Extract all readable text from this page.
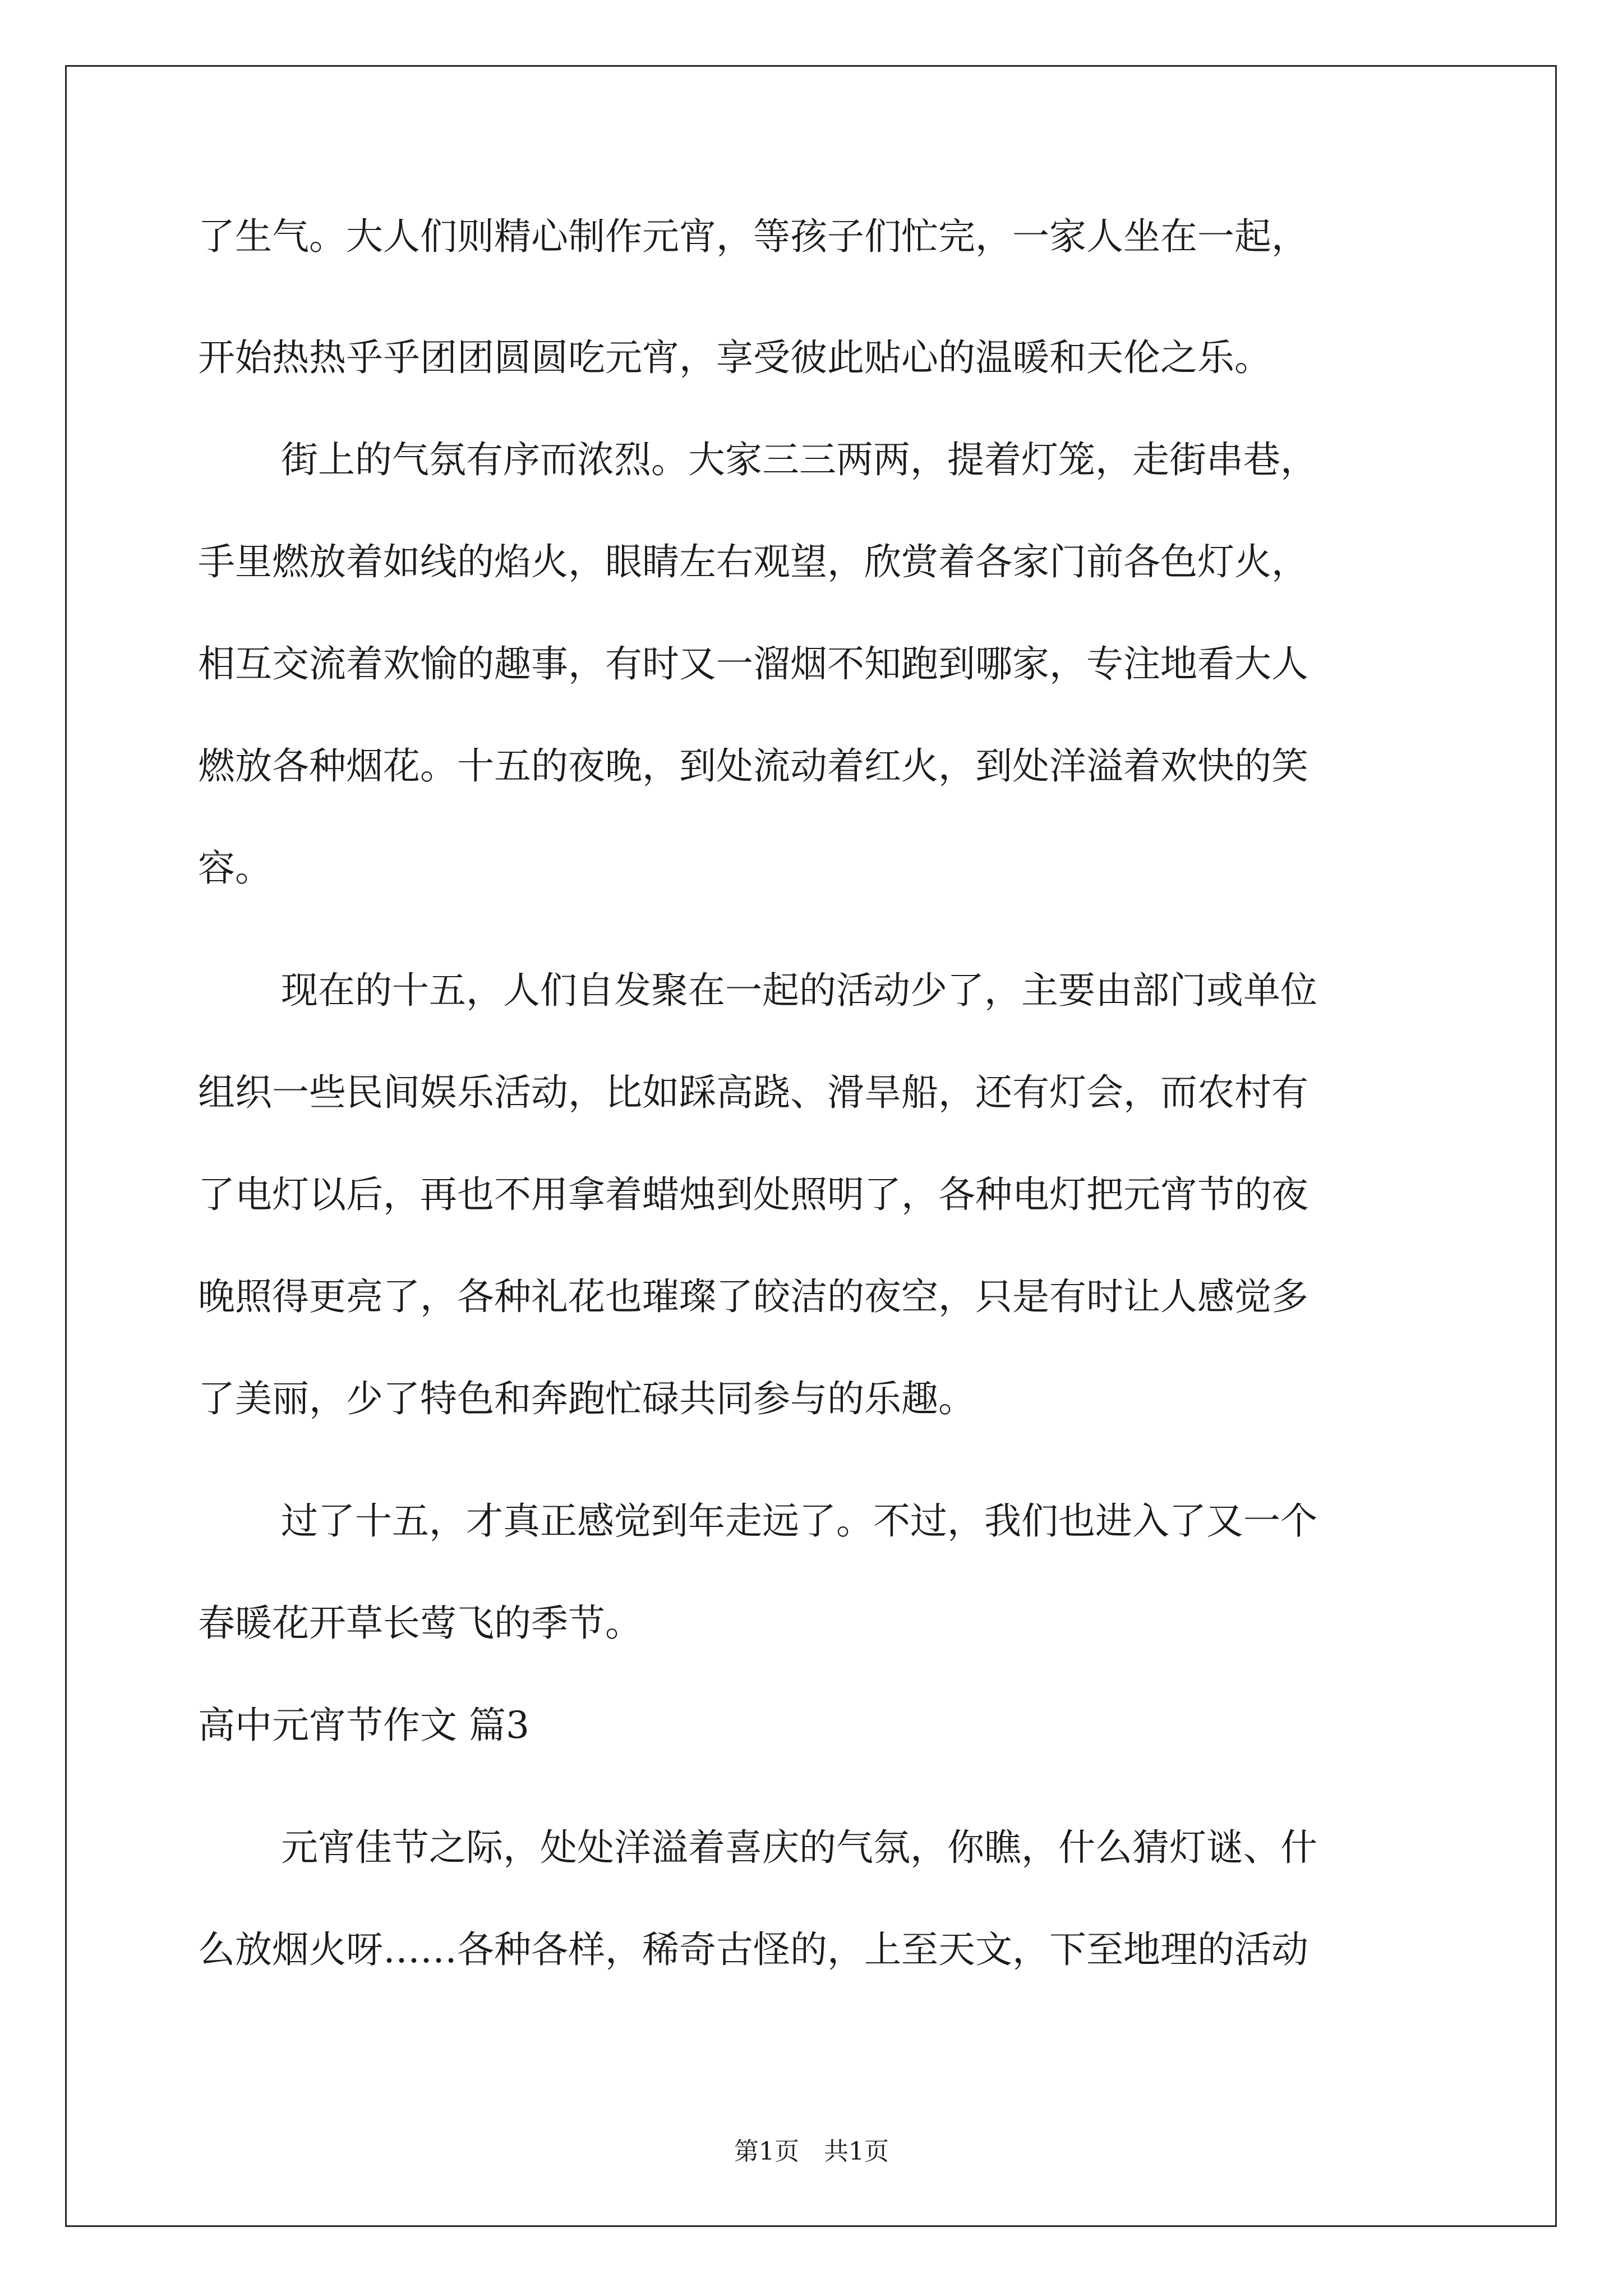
了生气。大人们则精心制作元宵，等孩子们忙完，一家人坐在一起，
开始热热乎乎团团圆圆吃元宵，享受彼此贴心的温暖和天伦之乐。
街上的气氛有序而浓烈。大家三三两两，提着灯笼，走街串巷，
手里燃放着如线的焰火，眼睛左右观望，欣赏着各家门前各色灯火，
相互交流着欢愉的趣事，有时又一溜烟不知跑到哪家，专注地看大人
燃放各种烟花。十五的夜晚，到处流动着红火，到处洋溢着欢快的笑
容。
现在的十五，人们自发聚在一起的活动少了，主要由部门或单位
组织一些民间娱乐活动，比如踩高跷、滑旱船，还有灯会，而农村有
了电灯以后，再也不用拿着蜡烛到处照明了，各种电灯把元宵节的夜
晚照得更亮了，各种礼花也璀璨了皎洁的夜空，只是有时让人感觉多
了美丽，少了特色和奔跑忙碌共同参与的乐趣。
过了十五，才真正感觉到年走远了。不过，我们也进入了又一个
春暖花开草长莺飞的季节。
高中元宵节作文 篇3
元宵佳节之际，处处洋溢着喜庆的气氛，你瞧，什么猜灯谜、什
么放烟火呀……各种各样，稀奇古怪的，上至天文，下至地理的活动
第1页　共1页
